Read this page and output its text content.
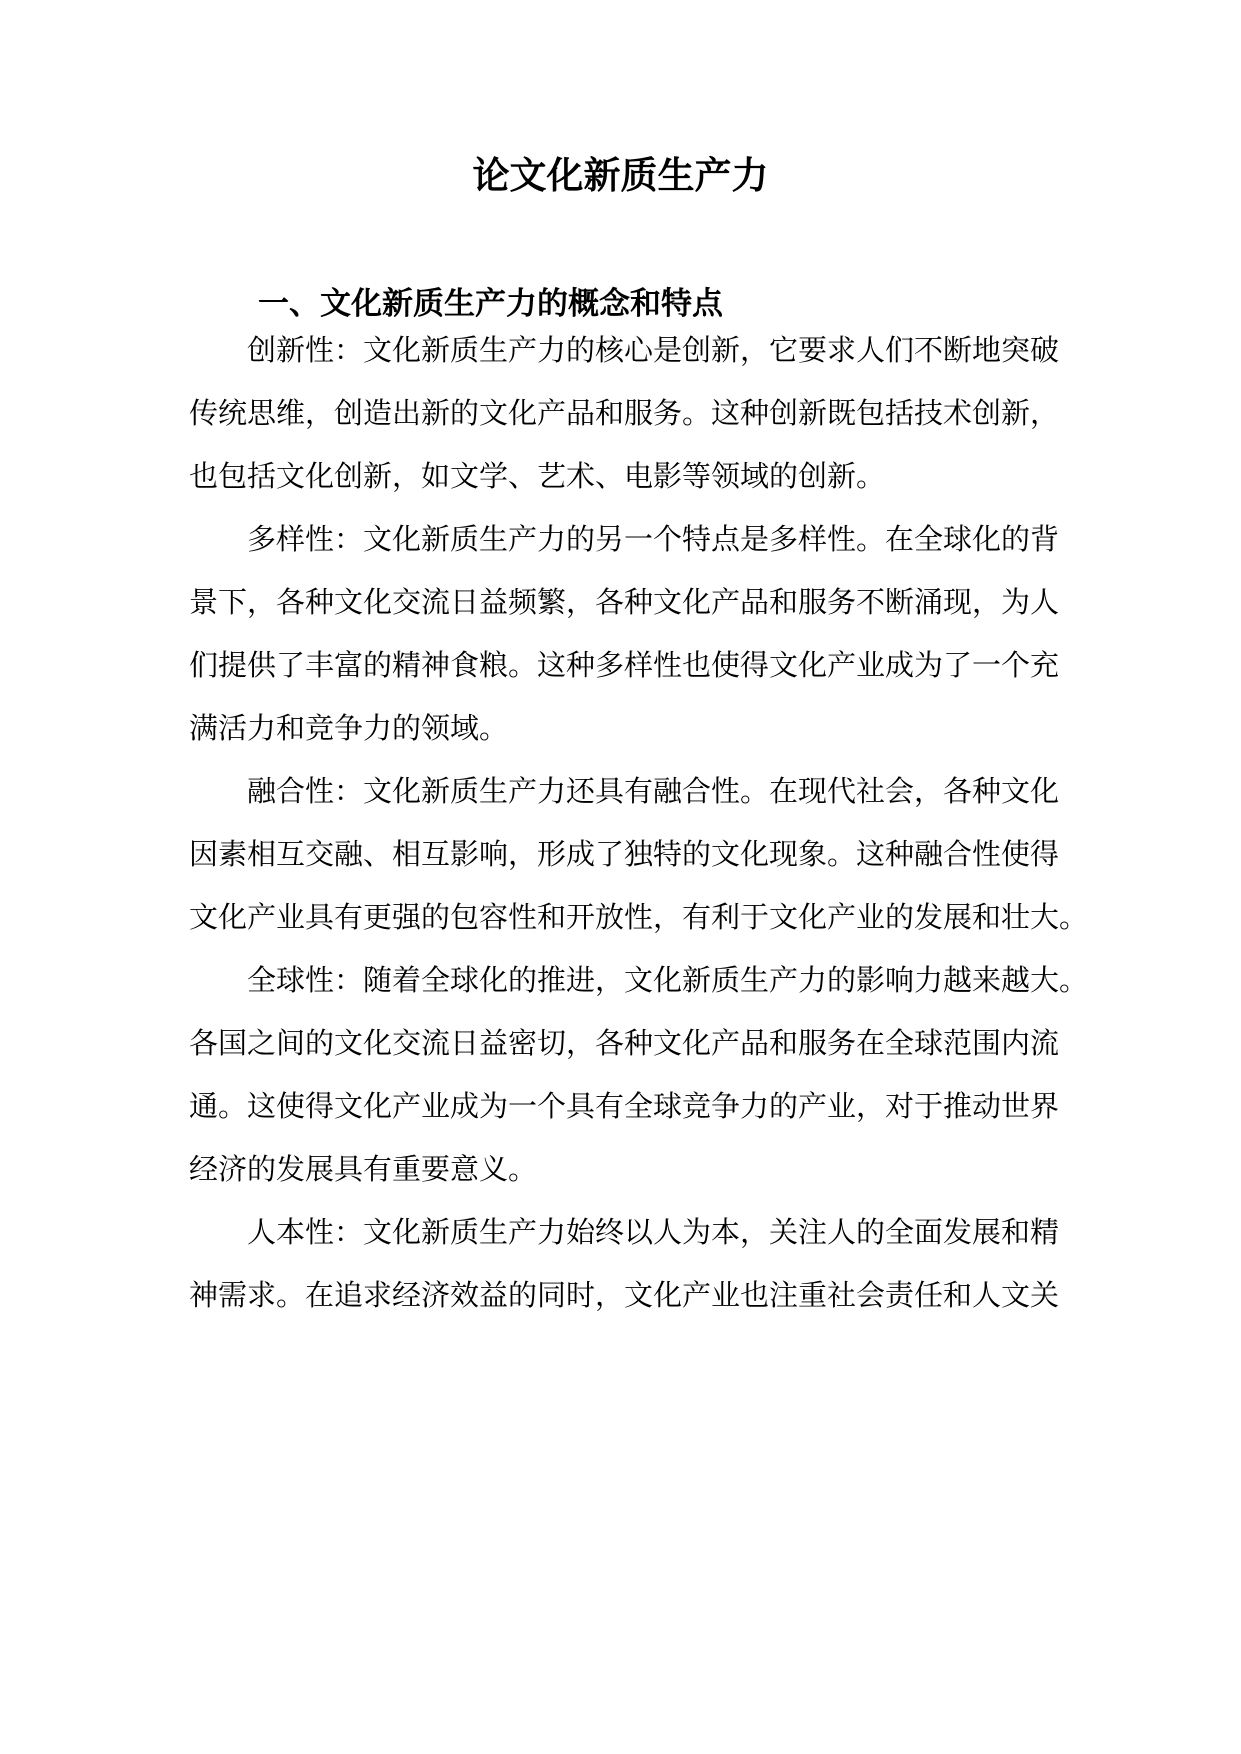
论文化新质生产力
一、文化新质生产力的概念和特点
创新性：文化新质生产力的核心是创新，它要求人们不断地突破
传统思维，创造出新的文化产品和服务。这种创新既包括技术创新，
也包括文化创新，如文学、艺术、电影等领域的创新。
多样性：文化新质生产力的另一个特点是多样性。在全球化的背
景下，各种文化交流日益频繁，各种文化产品和服务不断涌现，为人
们提供了丰富的精神食粮。这种多样性也使得文化产业成为了一个充
满活力和竞争力的领域。
融合性：文化新质生产力还具有融合性。在现代社会，各种文化
因素相互交融、相互影响，形成了独特的文化现象。这种融合性使得
文化产业具有更强的包容性和开放性，有利于文化产业的发展和壮大。
全球性：随着全球化的推进，文化新质生产力的影响力越来越大。
各国之间的文化交流日益密切，各种文化产品和服务在全球范围内流
通。这使得文化产业成为一个具有全球竞争力的产业，对于推动世界
经济的发展具有重要意义。
人本性：文化新质生产力始终以人为本，关注人的全面发展和精
神需求。在追求经济效益的同时，文化产业也注重社会责任和人文关
